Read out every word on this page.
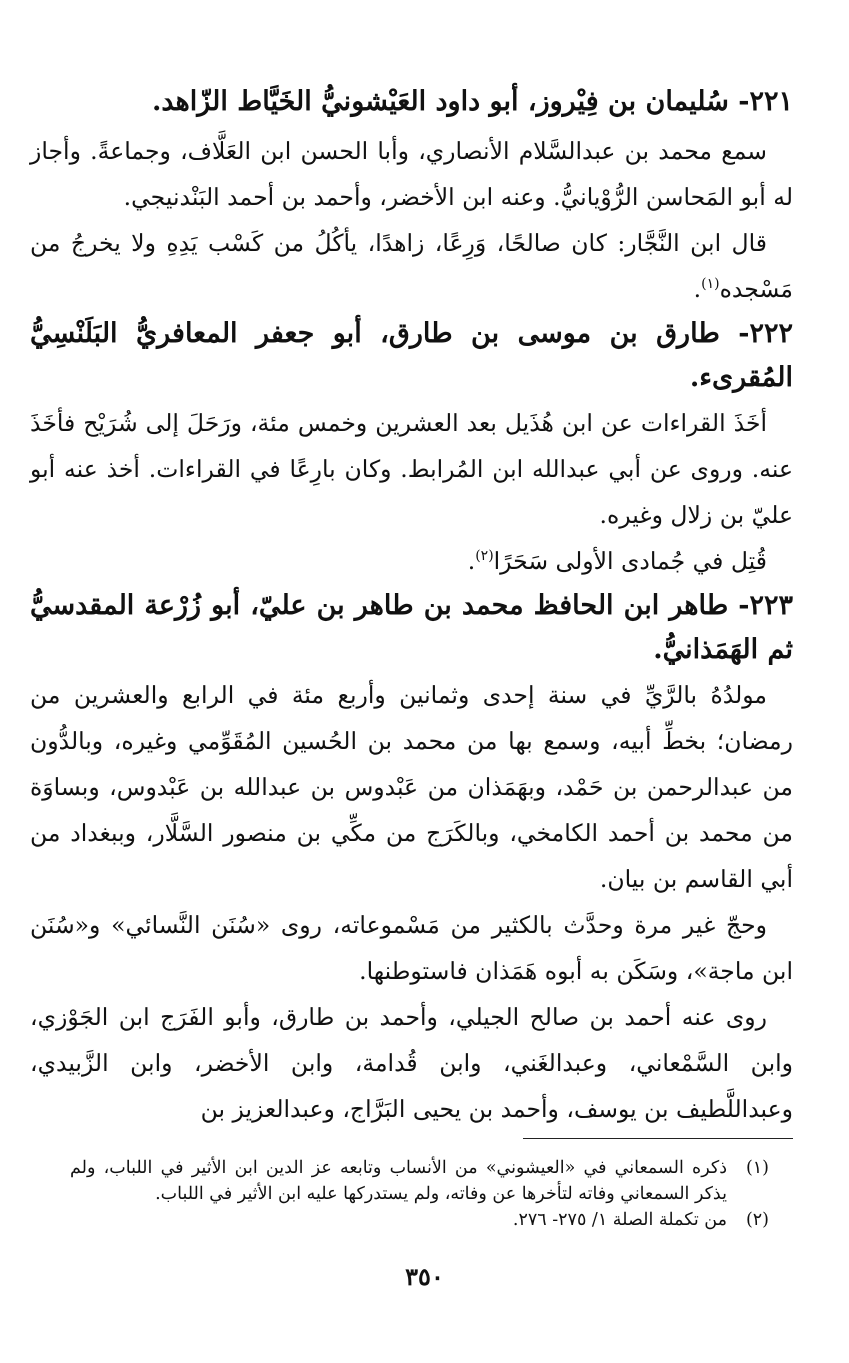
٢٢١- سُليمان بن فِيْروز، أبو داود العَيْشونيُّ الخَيَّاط الزّاهد.

سمع محمد بن عبدالسَّلام الأنصاري، وأبا الحسن ابن العَلَّاف، وجماعةً. وأجاز له أبو المَحاسن الرُّوْيانيُّ. وعنه ابن الأخضر، وأحمد بن أحمد البَنْدنيجي.

قال ابن النَّجَّار: كان صالحًا، وَرِعًا، زاهدًا، يأكُلُ من كَسْب يَدِهِ ولا يخرجُ من مَسْجده$^{(١)}$.

٢٢٢- طارق بن موسى بن طارق، أبو جعفر المعافريُّ البَلَنْسِيُّ المُقرىء.

أخَذَ القراءات عن ابن هُذَيل بعد العشرين وخمس مئة، ورَحَلَ إلى شُرَيْح فأخَذَ عنه. وروى عن أبي عبدالله ابن المُرابط. وكان بارِعًا في القراءات. أخذ عنه أبو عليّ بن زلال وغيره.

قُتِل في جُمادى الأولى سَحَرًا$^{(٢)}$.

٢٢٣- طاهر ابن الحافظ محمد بن طاهر بن عليّ، أبو زُرْعة المقدسيُّ ثم الهَمَذانيُّ.

مولدُهُ بالرَّيِّ في سنة إحدى وثمانين وأربع مئة في الرابع والعشرين من رمضان؛ بخطِّ أبيه، وسمع بها من محمد بن الحُسين المُقَوِّمي وغيره، وبالدُّون من عبدالرحمن بن حَمْد، وبهَمَذان من عَبْدوس بن عبدالله بن عَبْدوس، وبساوَة من محمد بن أحمد الكامخي، وبالكَرَج من مكِّي بن منصور السَّلَّار، وببغداد من أبي القاسم بن بيان.

وحجّ غير مرة وحدَّث بالكثير من مَسْموعاته، روى «سُنَن النَّسائي» و«سُنَن ابن ماجة»، وسَكَن به أبوه هَمَذان فاستوطنها.

روى عنه أحمد بن صالح الجيلي، وأحمد بن طارق، وأبو الفَرَج ابن الجَوْزي، وابن السَّمْعاني، وعبدالغَني، وابن قُدامة، وابن الأخضر، وابن الزَّبيدي، وعبداللَّطيف بن يوسف، وأحمد بن يحيى البَرَّاج، وعبدالعزيز بن

(١)
ذكره السمعاني في «العيشوني» من الأنساب وتابعه عز الدين ابن الأثير في اللباب، ولم يذكر السمعاني وفاته لتأخرها عن وفاته، ولم يستدركها عليه ابن الأثير في اللباب.

(٢)
من تكملة الصلة ١/ ٢٧٥- ٢٧٦.

٣٥٠
